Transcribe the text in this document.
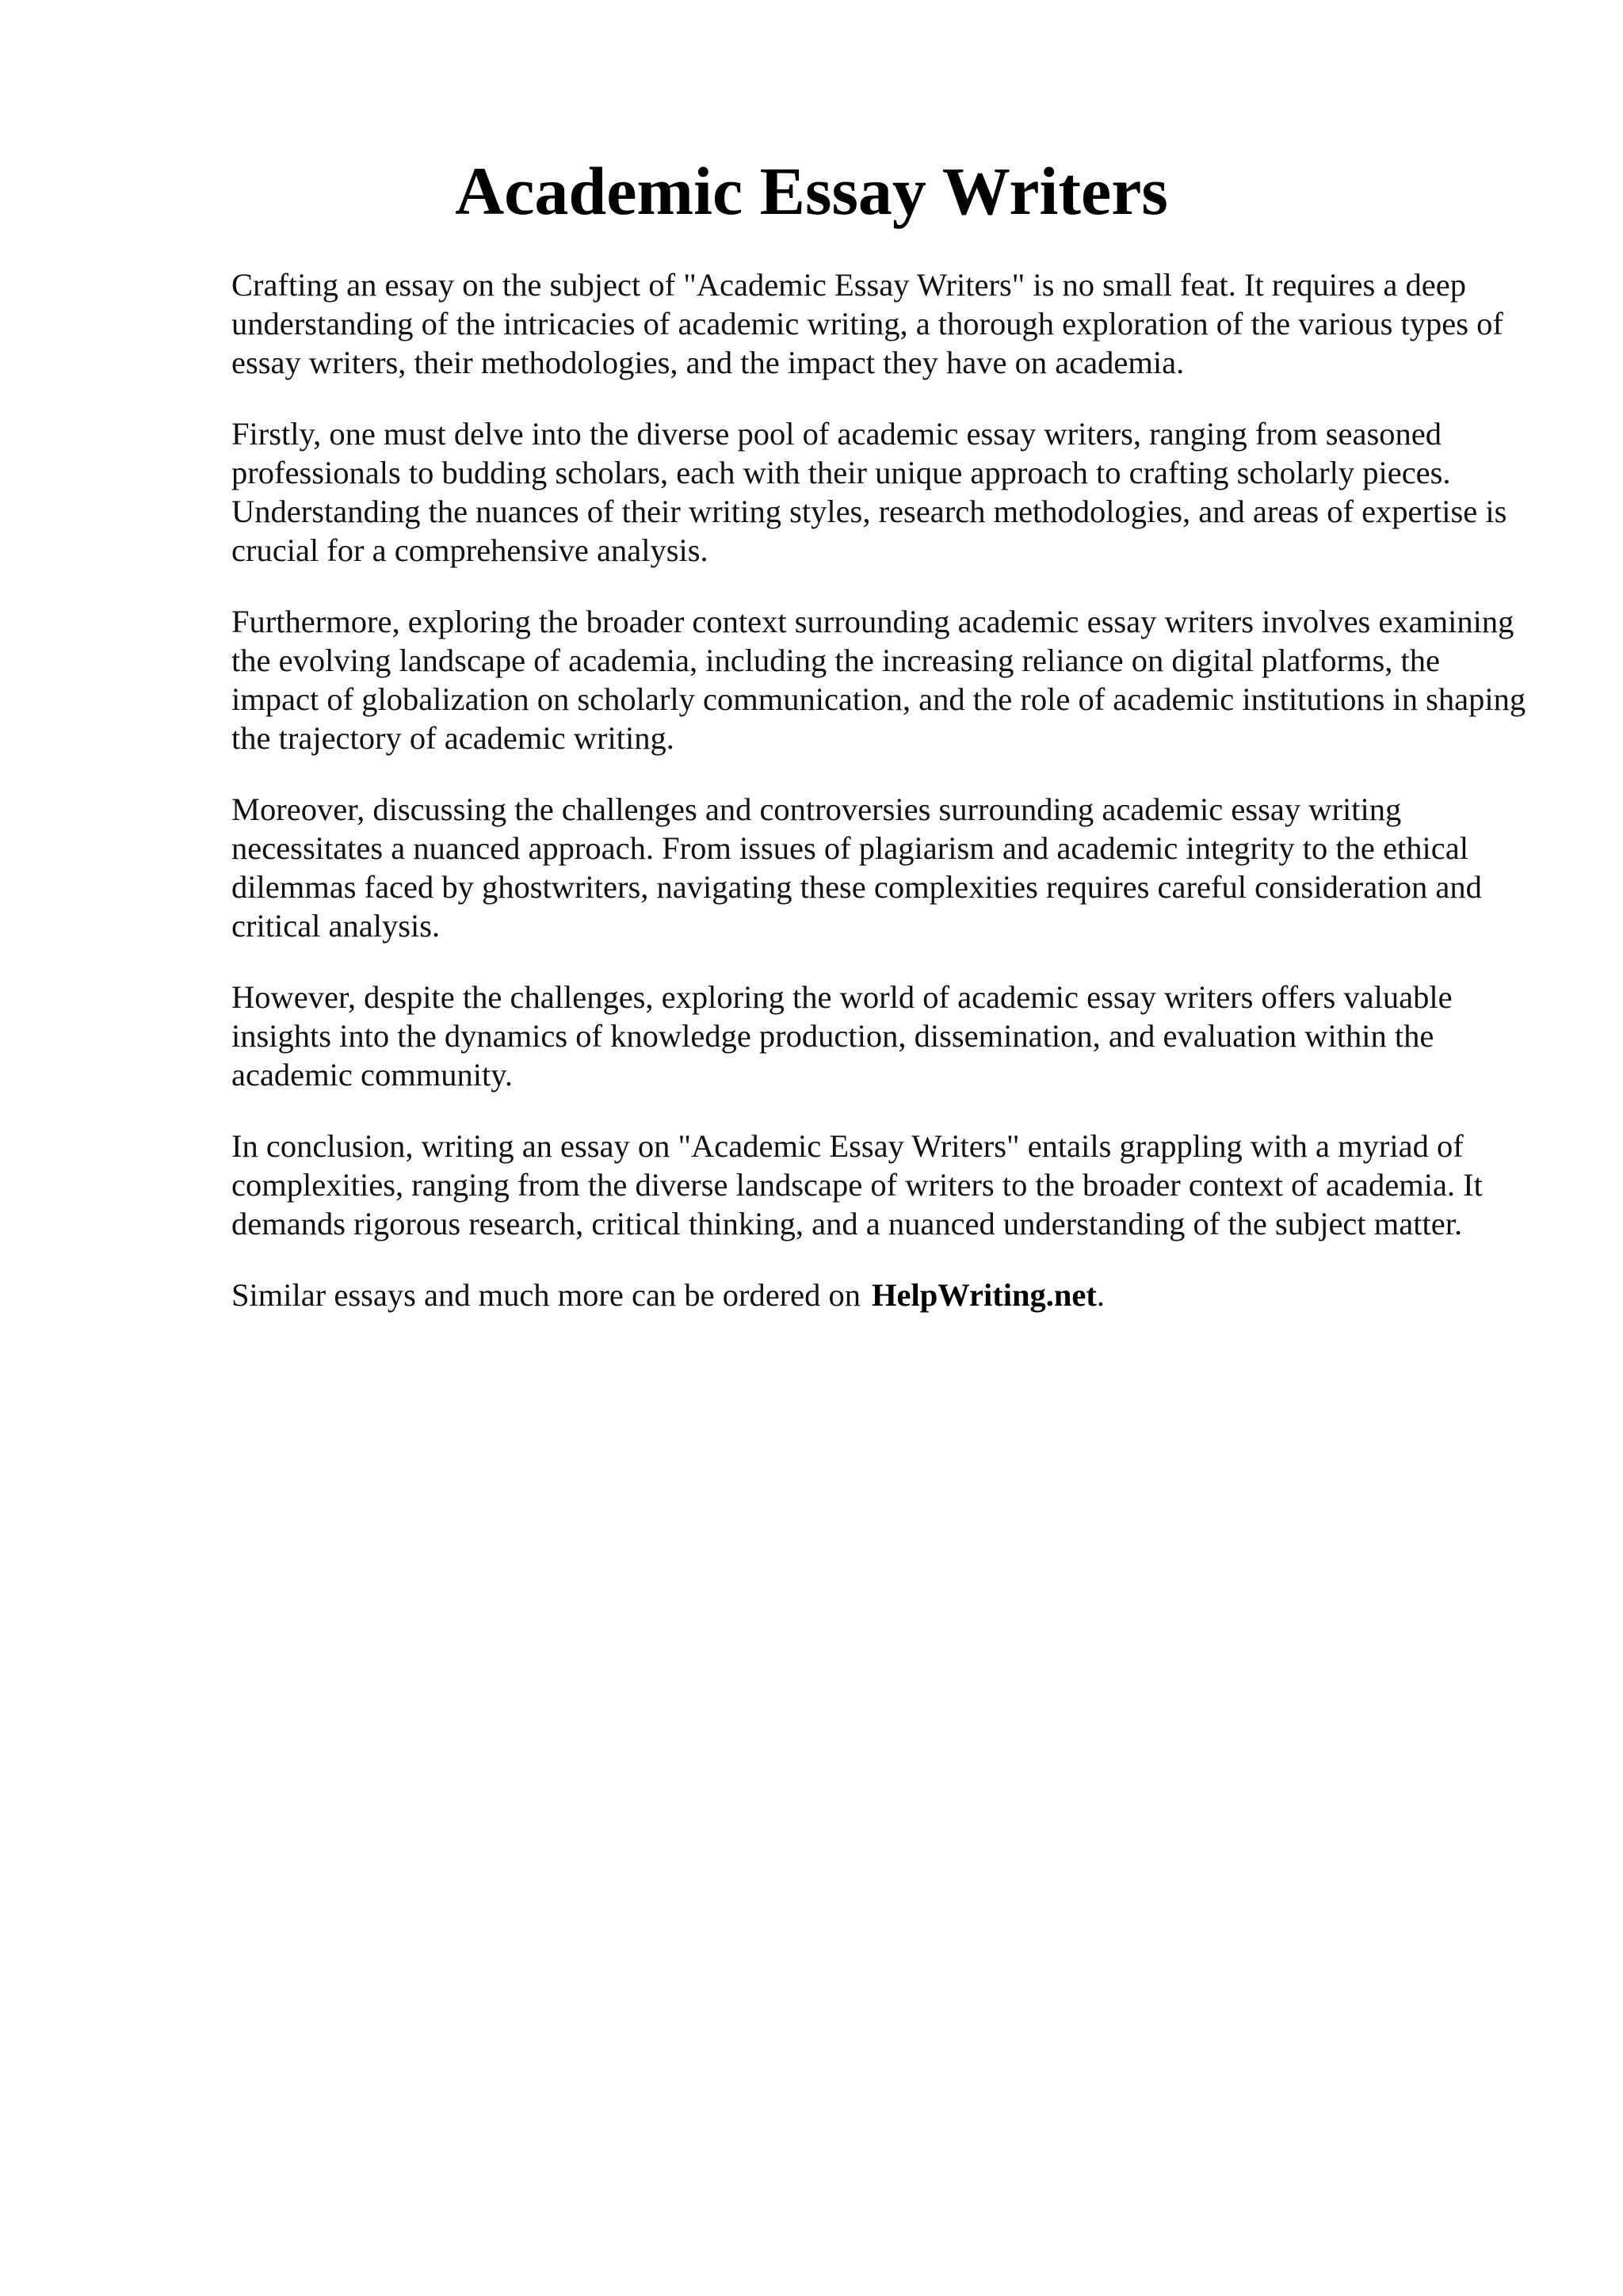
Academic Essay Writers

Crafting an essay on the subject of "Academic Essay Writers" is no small feat. It requires a deep understanding of the intricacies of academic writing, a thorough exploration of the various types of essay writers, their methodologies, and the impact they have on academia.

Firstly, one must delve into the diverse pool of academic essay writers, ranging from seasoned professionals to budding scholars, each with their unique approach to crafting scholarly pieces. Understanding the nuances of their writing styles, research methodologies, and areas of expertise is crucial for a comprehensive analysis.

Furthermore, exploring the broader context surrounding academic essay writers involves examining the evolving landscape of academia, including the increasing reliance on digital platforms, the impact of globalization on scholarly communication, and the role of academic institutions in shaping the trajectory of academic writing.

Moreover, discussing the challenges and controversies surrounding academic essay writing necessitates a nuanced approach. From issues of plagiarism and academic integrity to the ethical dilemmas faced by ghostwriters, navigating these complexities requires careful consideration and critical analysis.

However, despite the challenges, exploring the world of academic essay writers offers valuable insights into the dynamics of knowledge production, dissemination, and evaluation within the academic community.

In conclusion, writing an essay on "Academic Essay Writers" entails grappling with a myriad of complexities, ranging from the diverse landscape of writers to the broader context of academia. It demands rigorous research, critical thinking, and a nuanced understanding of the subject matter.

Similar essays and much more can be ordered on HelpWriting.net.
